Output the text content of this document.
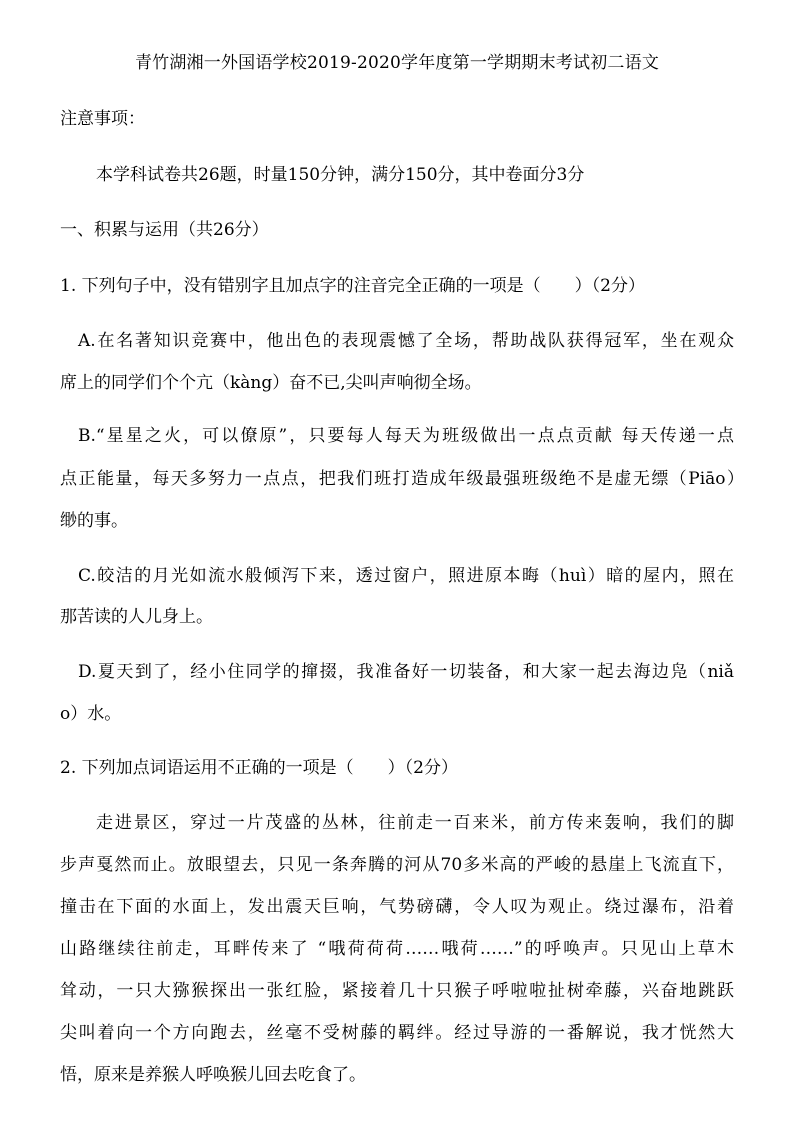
青竹湖湘一外国语学校2019-2020学年度第一学期期末考试初二语文
注意事项：
本学科试卷共26题，时量150分钟，满分150分，其中卷面分3分
一、积累与运用（共26分）
1. 下列句子中，没有错别字且加点字的注音完全正确的一项是（　　）（2分）
A.在名著知识竞赛中，他出色的表现震憾了全场，帮助战队获得冠军，坐在观众
席上的同学们个个亢（kàng）奋不已,尖叫声响彻全场。
B.“星星之火，可以僚原”，只要每人每天为班级做出一点点贡献 每天传递一点
点正能量，每天多努力一点点，把我们班打造成年级最强班级绝不是虚无缥（Piāo）
缈的事。
C.皎洁的月光如流水般倾泻下来，透过窗户，照进原本晦（huì）暗的屋内，照在
那苦读的人儿身上。
D.夏天到了，经小住同学的撺掇，我准备好一切装备，和大家一起去海边凫（niǎ
o）水。
2. 下列加点词语运用不正确的一项是（　　）（2分）
走进景区，穿过一片茂盛的丛林，往前走一百来米，前方传来轰响，我们的脚
步声戛然而止。放眼望去，只见一条奔腾的河从70多米高的严峻的悬崖上飞流直下，
撞击在下面的水面上，发出震天巨响，气势磅礴，令人叹为观止。绕过瀑布，沿着
山路继续往前走，耳畔传来了 “哦荷荷荷……哦荷……”的呼唤声。只见山上草木
耸动，一只大猕猴探出一张红脸，紧接着几十只猴子呼啦啦扯树牵藤，兴奋地跳跃
尖叫着向一个方向跑去，丝毫不受树藤的羁绊。经过导游的一番解说，我才恍然大
悟，原来是养猴人呼唤猴儿回去吃食了。
